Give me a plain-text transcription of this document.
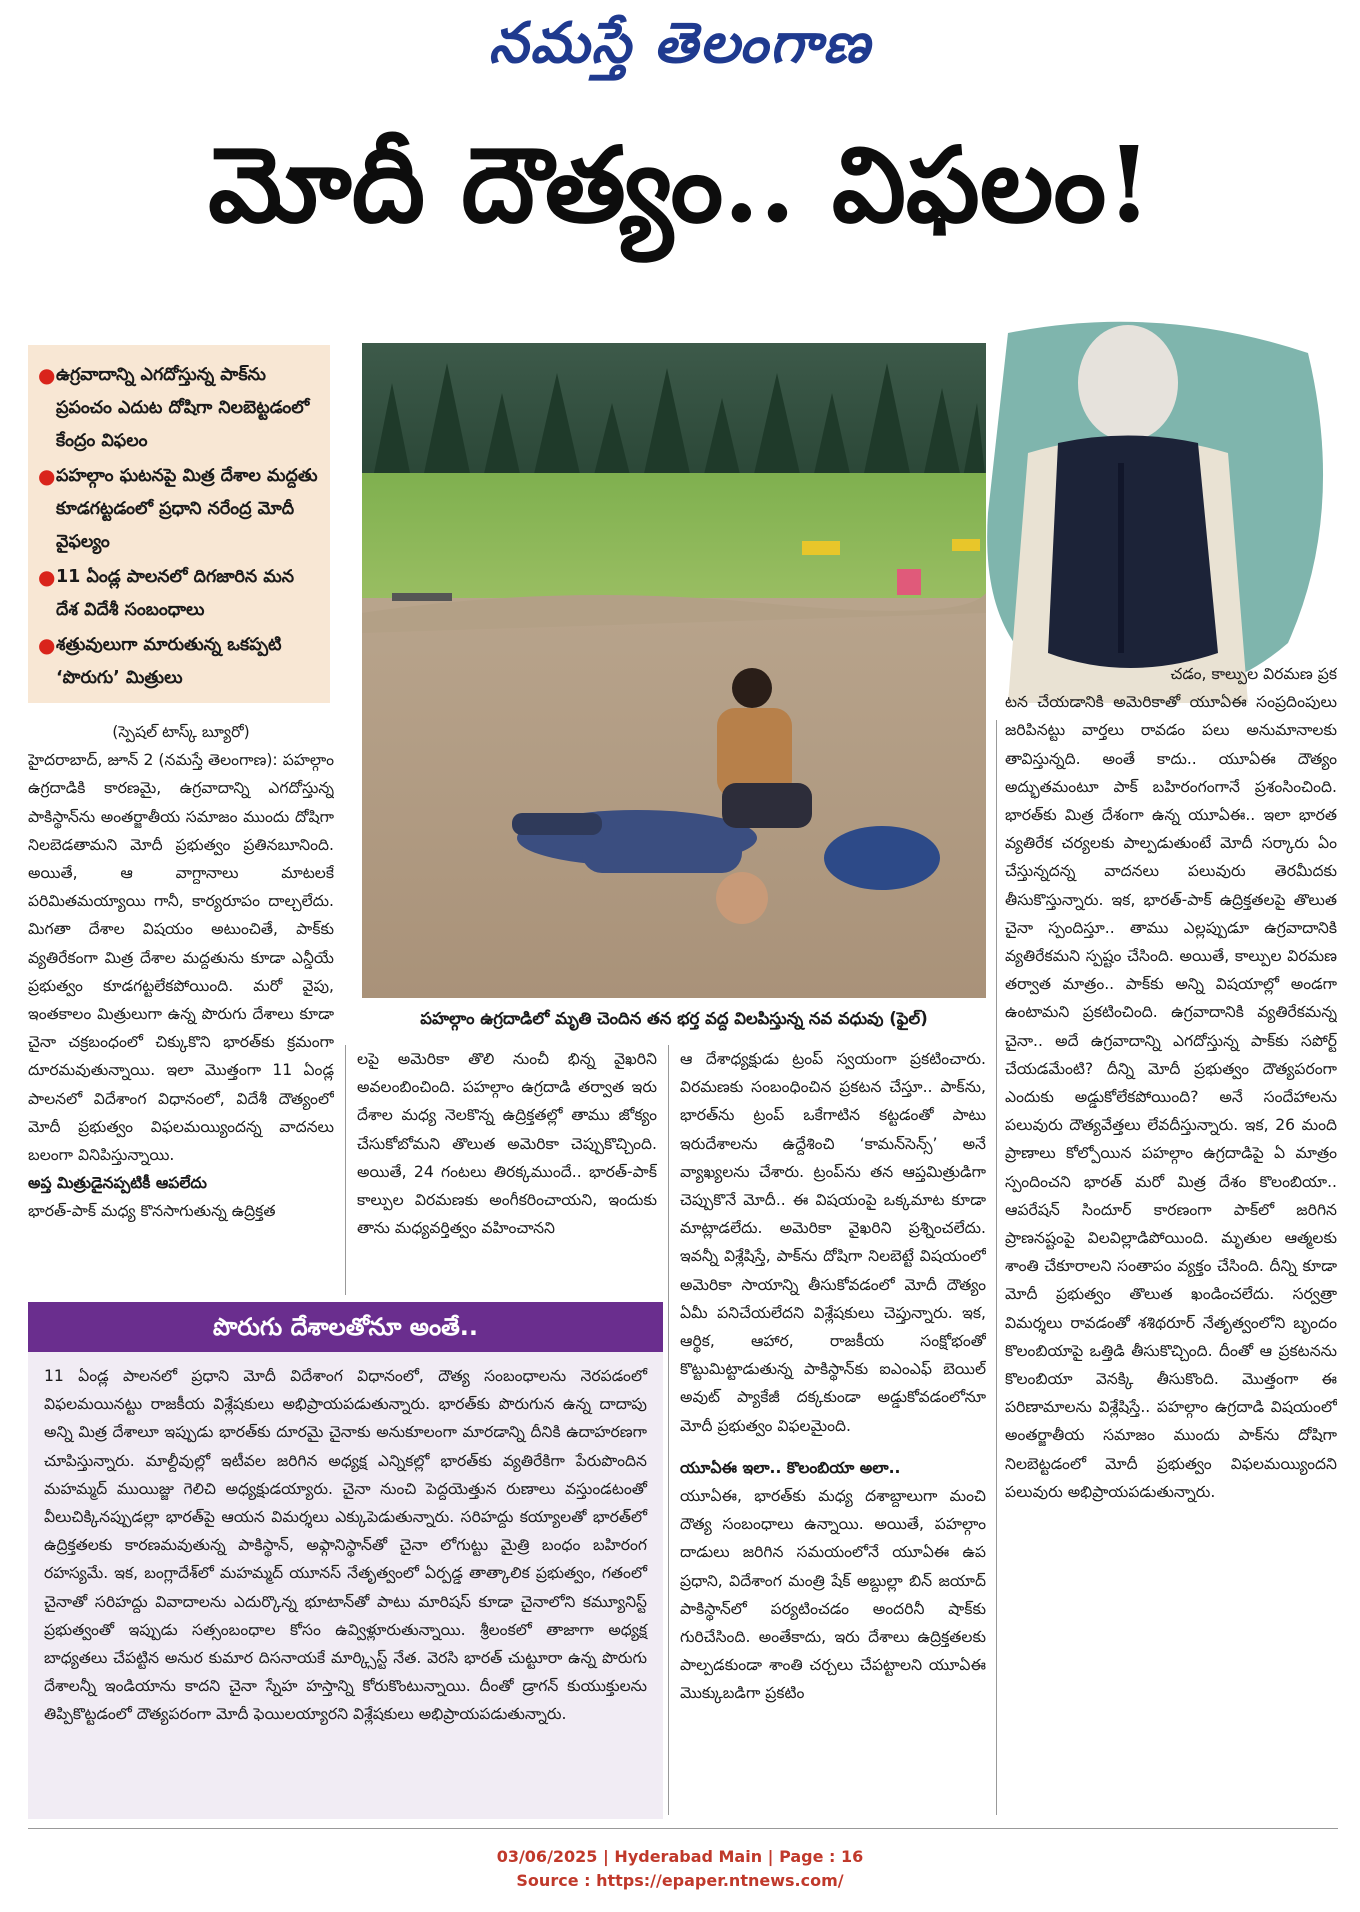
నమస్తే తెలంగాణ
మోదీ దౌత్యం.. విఫలం!
● ఉగ్రవాదాన్ని ఎగదోస్తున్న పాక్‌ను ప్రపంచం ఎదుట దోషిగా నిలబెట్టడంలో కేంద్రం విఫలం
● పహల్గాం ఘటనపై మిత్ర దేశాల మద్దతు కూడగట్టడంలో ప్రధాని నరేంద్ర మోదీ వైఫల్యం
● 11 ఏండ్ల పాలనలో దిగజారిన మన దేశ విదేశీ సంబంధాలు
● శత్రువులుగా మారుతున్న ఒకప్పటి ‘పొరుగు’ మిత్రులు
పహల్గాం ఉగ్రదాడిలో మృతి చెందిన తన భర్త వద్ద విలపిస్తున్న నవ వధువు (ఫైల్)

(స్పెషల్ టాస్క్ బ్యూరో)

హైదరాబాద్, జూన్ 2 (నమస్తే తెలంగాణ): పహల్గాం ఉగ్రదాడికి కారణమై, ఉగ్రవాదాన్ని ఎగదోస్తున్న పాకిస్థాన్‌ను అంతర్జాతీయ సమాజం ముందు దోషిగా నిలబెడతామని మోదీ ప్రభుత్వం ప్రతినబూనింది. అయితే, ఆ వాగ్దానాలు మాటలకే పరిమితమయ్యాయి గానీ, కార్యరూపం దాల్చలేదు. మిగతా దేశాల విషయం అటుంచితే, పాక్‌కు వ్యతిరేకంగా మిత్ర దేశాల మద్దతును కూడా ఎన్డీయే ప్రభుత్వం కూడగట్టలేకపోయింది. మరో వైపు, ఇంతకాలం మిత్రులుగా ఉన్న పొరుగు దేశాలు కూడా చైనా చక్రబంధంలో చిక్కుకొని భారత్‌కు క్రమంగా దూరమవుతున్నాయి. ఇలా మొత్తంగా 11 ఏండ్ల పాలనలో విదేశాంగ విధానంలో, విదేశీ దౌత్యంలో మోదీ ప్రభుత్వం విఫలమయ్యిందన్న వాదనలు బలంగా వినిపిస్తున్నాయి.

అప్త మిత్రుడైనప్పటికీ ఆపలేదు

భారత్-పాక్ మధ్య కొనసాగుతున్న ఉద్రిక్తత

లపై అమెరికా తొలి నుంచీ భిన్న వైఖరిని అవలంబించింది. పహల్గాం ఉగ్రదాడి తర్వాత ఇరు దేశాల మధ్య నెలకొన్న ఉద్రిక్తతల్లో తాము జోక్యం చేసుకోబోమని తొలుత అమెరికా చెప్పుకొచ్చింది. అయితే, 24 గంటలు తిరక్కముందే.. భారత్-పాక్ కాల్పుల విరమణకు అంగీకరించాయని, ఇందుకు తాను మధ్యవర్తిత్వం వహించానని

ఆ దేశాధ్యక్షుడు ట్రంప్ స్వయంగా ప్రకటించారు. విరమణకు సంబంధించిన ప్రకటన చేస్తూ.. పాక్‌ను, భారత్‌ను ట్రంప్ ఒకేగాటిన కట్టడంతో పాటు ఇరుదేశాలను ఉద్దేశించి ‘కామన్‌సెన్స్’ అనే వ్యాఖ్యలను చేశారు. ట్రంప్‌ను తన ఆప్తమిత్రుడిగా చెప్పుకొనే మోదీ.. ఈ విషయంపై ఒక్కమాట కూడా మాట్లాడలేదు. అమెరికా వైఖరిని ప్రశ్నించలేదు. ఇవన్నీ విశ్లేషిస్తే, పాక్‌ను దోషిగా నిలబెట్టే విషయంలో అమెరికా సాయాన్ని తీసుకోవడంలో మోదీ దౌత్యం ఏమీ పనిచేయలేదని విశ్లేషకులు చెప్తున్నారు. ఇక, ఆర్థిక, ఆహార, రాజకీయ సంక్షోభంతో కొట్టుమిట్టాడుతున్న పాకిస్థాన్‌కు ఐఎంఎఫ్ బెయిల్ అవుట్ ప్యాకేజీ దక్కకుండా అడ్డుకోవడంలోనూ మోదీ ప్రభుత్వం విఫలమైంది.

యూఏఈ ఇలా.. కొలంబియా అలా..

యూఏఈ, భారత్‌కు మధ్య దశాబ్దాలుగా మంచి దౌత్య సంబంధాలు ఉన్నాయి. అయితే, పహల్గాం దాడులు జరిగిన సమయంలోనే యూఏఈ ఉప ప్రధాని, విదేశాంగ మంత్రి షేక్ అబ్దుల్లా బిన్ జయాద్ పాకిస్థాన్‌లో పర్యటించడం అందరినీ షాక్‌కు గురిచేసింది. అంతేకాదు, ఇరు దేశాలు ఉద్రిక్తతలకు పాల్పడకుండా శాంతి చర్చలు చేపట్టాలని యూఏఈ మొక్కుబడిగా ప్రకటిం

చడం, కాల్పుల విరమణ ప్రక

టన చేయడానికి అమెరికాతో యూఏఈ సంప్రదింపులు జరిపినట్టు వార్తలు రావడం పలు అనుమానాలకు తావిస్తున్నది. అంతే కాదు.. యూఏఈ దౌత్యం అద్భుతమంటూ పాక్ బహిరంగంగానే ప్రశంసించింది. భారత్‌కు మిత్ర దేశంగా ఉన్న యూఏఈ.. ఇలా భారత వ్యతిరేక చర్యలకు పాల్పడుతుంటే మోదీ సర్కారు ఏం చేస్తున్నదన్న వాదనలు పలువురు తెరమీదకు తీసుకొస్తున్నారు. ఇక, భారత్-పాక్ ఉద్రిక్తతలపై తొలుత చైనా స్పందిస్తూ.. తాము ఎల్లప్పుడూ ఉగ్రవాదానికి వ్యతిరేకమని స్పష్టం చేసింది. అయితే, కాల్పుల విరమణ తర్వాత మాత్రం.. పాక్‌కు అన్ని విషయాల్లో అండగా ఉంటామని ప్రకటించింది. ఉగ్రవాదానికి వ్యతిరేకమన్న చైనా.. అదే ఉగ్రవాదాన్ని ఎగదోస్తున్న పాక్‌కు సపోర్ట్ చేయడమేంటి? దీన్ని మోదీ ప్రభుత్వం దౌత్యపరంగా ఎందుకు అడ్డుకోలేకపోయింది? అనే సందేహాలను పలువురు దౌత్యవేత్తలు లేవదీస్తున్నారు. ఇక, 26 మంది ప్రాణాలు కోల్పోయిన పహల్గాం ఉగ్రదాడిపై ఏ మాత్రం స్పందించని భారత్ మరో మిత్ర దేశం కొలంబియా.. ఆపరేషన్ సిందూర్ కారణంగా పాక్‌లో జరిగిన ప్రాణనష్టంపై విలవిల్లాడిపోయింది. మృతుల ఆత్మలకు శాంతి చేకూరాలని సంతాపం వ్యక్తం చేసింది. దీన్ని కూడా మోదీ ప్రభుత్వం తొలుత ఖండించలేదు. సర్వత్రా విమర్శలు రావడంతో శశిథరూర్ నేతృత్వంలోని బృందం కొలంబియాపై ఒత్తిడి తీసుకొచ్చింది. దీంతో ఆ ప్రకటనను కొలంబియా వెనక్కి తీసుకొంది. మొత్తంగా ఈ పరిణామాలను విశ్లేషిస్తే.. పహల్గాం ఉగ్రదాడి విషయంలో అంతర్జాతీయ సమాజం ముందు పాక్‌ను దోషిగా నిలబెట్టడంలో మోదీ ప్రభుత్వం విఫలమయ్యిందని పలువురు అభిప్రాయపడుతున్నారు.

పొరుగు దేశాలతోనూ అంతే..
11 ఏండ్ల పాలనలో ప్రధాని మోదీ విదేశాంగ విధానంలో, దౌత్య సంబంధాలను నెరపడంలో విఫలమయినట్టు రాజకీయ విశ్లేషకులు అభిప్రాయపడుతున్నారు. భారత్‌కు పొరుగున ఉన్న దాదాపు అన్ని మిత్ర దేశాలూ ఇప్పుడు భారత్‌కు దూరమై చైనాకు అనుకూలంగా మారడాన్ని దీనికి ఉదాహరణగా చూపిస్తున్నారు. మాల్దీవుల్లో ఇటీవల జరిగిన అధ్యక్ష ఎన్నికల్లో భారత్‌కు వ్యతిరేకిగా పేరుపొందిన మహమ్మద్ ముయిజ్జు గెలిచి అధ్యక్షుడయ్యారు. చైనా నుంచి పెద్దయెత్తున రుణాలు వస్తుండటంతో వీలుచిక్కినప్పుడల్లా భారత్‌పై ఆయన విమర్శలు ఎక్కుపెడుతున్నారు. సరిహద్దు కయ్యాలతో భారత్‌లో ఉద్రిక్తతలకు కారణమవుతున్న పాకిస్థాన్, అఫ్గానిస్థాన్‌తో చైనా లోగుట్టు మైత్రి బంధం బహిరంగ రహస్యమే. ఇక, బంగ్లాదేశ్‌లో మహమ్మద్ యూనస్ నేతృత్వంలో ఏర్పడ్డ తాత్కాలిక ప్రభుత్వం, గతంలో చైనాతో సరిహద్దు వివాదాలను ఎదుర్కొన్న భూటాన్‌తో పాటు మారిషస్ కూడా చైనాలోని కమ్యూనిస్ట్ ప్రభుత్వంతో ఇప్పుడు సత్సంబంధాల కోసం ఉవ్విళ్లూరుతున్నాయి. శ్రీలంకలో తాజాగా అధ్యక్ష బాధ్యతలు చేపట్టిన అనుర కుమార దిసనాయకే మార్క్సిస్ట్ నేత. వెరసి భారత్ చుట్టూరా ఉన్న పొరుగు దేశాలన్నీ ఇండియాను కాదని చైనా స్నేహ హస్తాన్ని కోరుకొంటున్నాయి. దీంతో డ్రాగన్ కుయుక్తులను తిప్పికొట్టడంలో దౌత్యపరంగా మోదీ ఫెయిలయ్యారని విశ్లేషకులు అభిప్రాయపడుతున్నారు.
03/06/2025 | Hyderabad Main | Page : 16
Source : https://epaper.ntnews.com/
